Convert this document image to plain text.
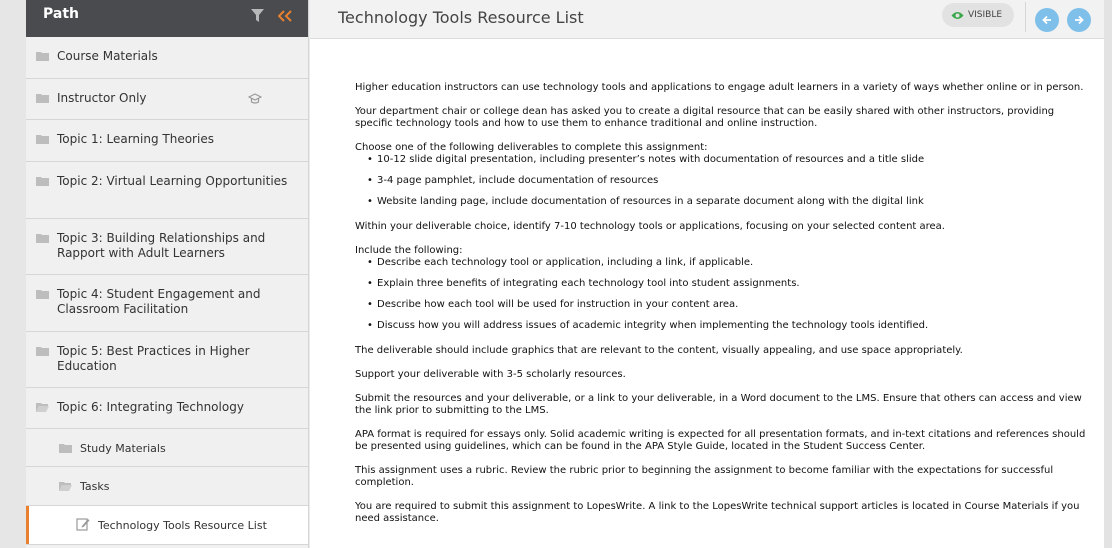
Path
Course Materials
Instructor Only
Topic 1: Learning Theories
Topic 2: Virtual Learning Opportunities
Topic 3: Building Relationships and Rapport with Adult Learners
Topic 4: Student Engagement and Classroom Facilitation
Topic 5: Best Practices in Higher Education
Topic 6: Integrating Technology
Study Materials
Tasks
Technology Tools Resource List
Technology Tools Resource List	VISIBLE

Higher education instructors can use technology tools and applications to engage adult learners in a variety of ways whether online or in person.

Your department chair or college dean has asked you to create a digital resource that can be easily shared with other instructors, providing specific technology tools and how to use them to enhance traditional and online instruction.

Choose one of the following deliverables to complete this assignment:

• 10-12 slide digital presentation, including presenter’s notes with documentation of resources and a title slide
• 3-4 page pamphlet, include documentation of resources
• Website landing page, include documentation of resources in a separate document along with the digital link

Within your deliverable choice, identify 7-10 technology tools or applications, focusing on your selected content area.

Include the following:

• Describe each technology tool or application, including a link, if applicable.
• Explain three benefits of integrating each technology tool into student assignments.
• Describe how each tool will be used for instruction in your content area.
• Discuss how you will address issues of academic integrity when implementing the technology tools identified.

The deliverable should include graphics that are relevant to the content, visually appealing, and use space appropriately.

Support your deliverable with 3-5 scholarly resources.

Submit the resources and your deliverable, or a link to your deliverable, in a Word document to the LMS. Ensure that others can access and view the link prior to submitting to the LMS.

APA format is required for essays only. Solid academic writing is expected for all presentation formats, and in-text citations and references should be presented using guidelines, which can be found in the APA Style Guide, located in the Student Success Center.

This assignment uses a rubric. Review the rubric prior to beginning the assignment to become familiar with the expectations for successful completion.

You are required to submit this assignment to LopesWrite. A link to the LopesWrite technical support articles is located in Course Materials if you need assistance.
